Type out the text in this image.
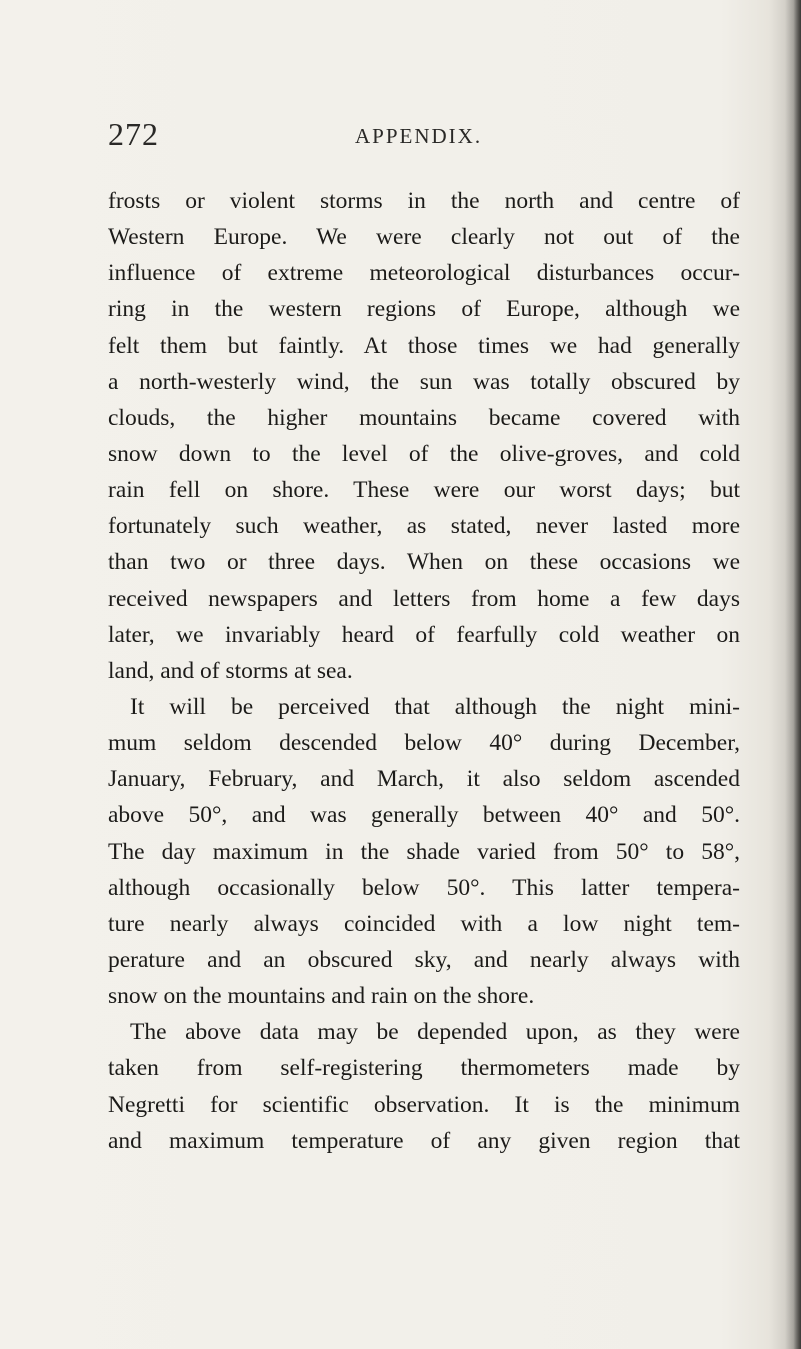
272	APPENDIX.
frosts or violent storms in the north and centre of
Western Europe. We were clearly not out of the
influence of extreme meteorological disturbances occur-
ring in the western regions of Europe, although we
felt them but faintly. At those times we had generally
a north-westerly wind, the sun was totally obscured by
clouds, the higher mountains became covered with
snow down to the level of the olive-groves, and cold
rain fell on shore. These were our worst days; but
fortunately such weather, as stated, never lasted more
than two or three days. When on these occasions we
received newspapers and letters from home a few days
later, we invariably heard of fearfully cold weather on
land, and of storms at sea.
It will be perceived that although the night mini-
mum seldom descended below 40° during December,
January, February, and March, it also seldom ascended
above 50°, and was generally between 40° and 50°.
The day maximum in the shade varied from 50° to 58°,
although occasionally below 50°. This latter tempera-
ture nearly always coincided with a low night tem-
perature and an obscured sky, and nearly always with
snow on the mountains and rain on the shore.
The above data may be depended upon, as they were
taken from self-registering thermometers made by
Negretti for scientific observation. It is the minimum
and maximum temperature of any given region that
